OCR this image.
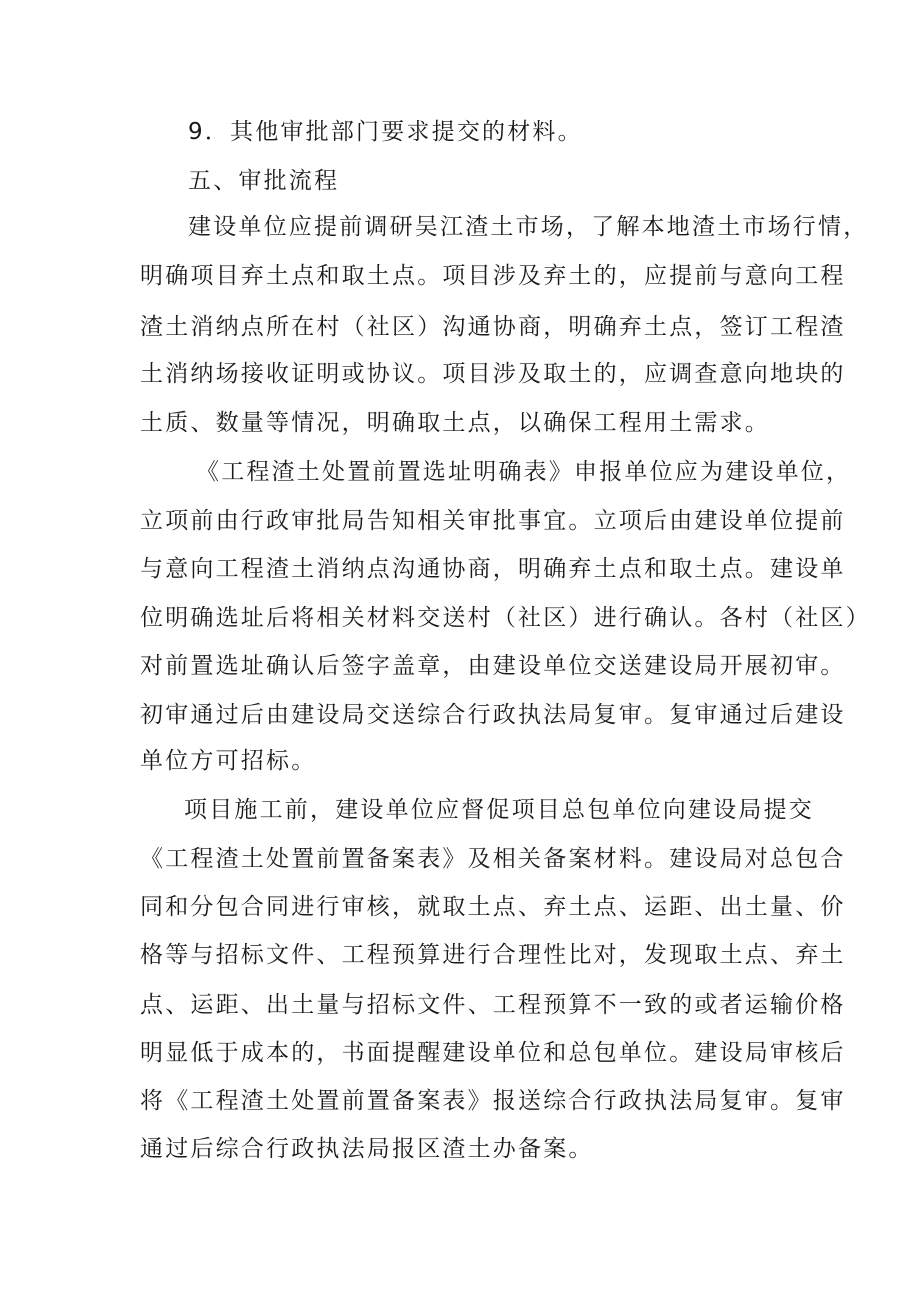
9．其他审批部门要求提交的材料。
五、审批流程
建设单位应提前调研吴江渣土市场，了解本地渣土市场行情，
明确项目弃土点和取土点。项目涉及弃土的，应提前与意向工程
渣土消纳点所在村（社区）沟通协商，明确弃土点，签订工程渣
土消纳场接收证明或协议。项目涉及取土的，应调查意向地块的
土质、数量等情况，明确取土点，以确保工程用土需求。
《工程渣土处置前置选址明确表》申报单位应为建设单位，
立项前由行政审批局告知相关审批事宜。立项后由建设单位提前
与意向工程渣土消纳点沟通协商，明确弃土点和取土点。建设单
位明确选址后将相关材料交送村（社区）进行确认。各村（社区）
对前置选址确认后签字盖章，由建设单位交送建设局开展初审。
初审通过后由建设局交送综合行政执法局复审。复审通过后建设
单位方可招标。
项目施工前，建设单位应督促项目总包单位向建设局提交
《工程渣土处置前置备案表》及相关备案材料。建设局对总包合
同和分包合同进行审核，就取土点、弃土点、运距、出土量、价
格等与招标文件、工程预算进行合理性比对，发现取土点、弃土
点、运距、出土量与招标文件、工程预算不一致的或者运输价格
明显低于成本的，书面提醒建设单位和总包单位。建设局审核后
将《工程渣土处置前置备案表》报送综合行政执法局复审。复审
通过后综合行政执法局报区渣土办备案。
